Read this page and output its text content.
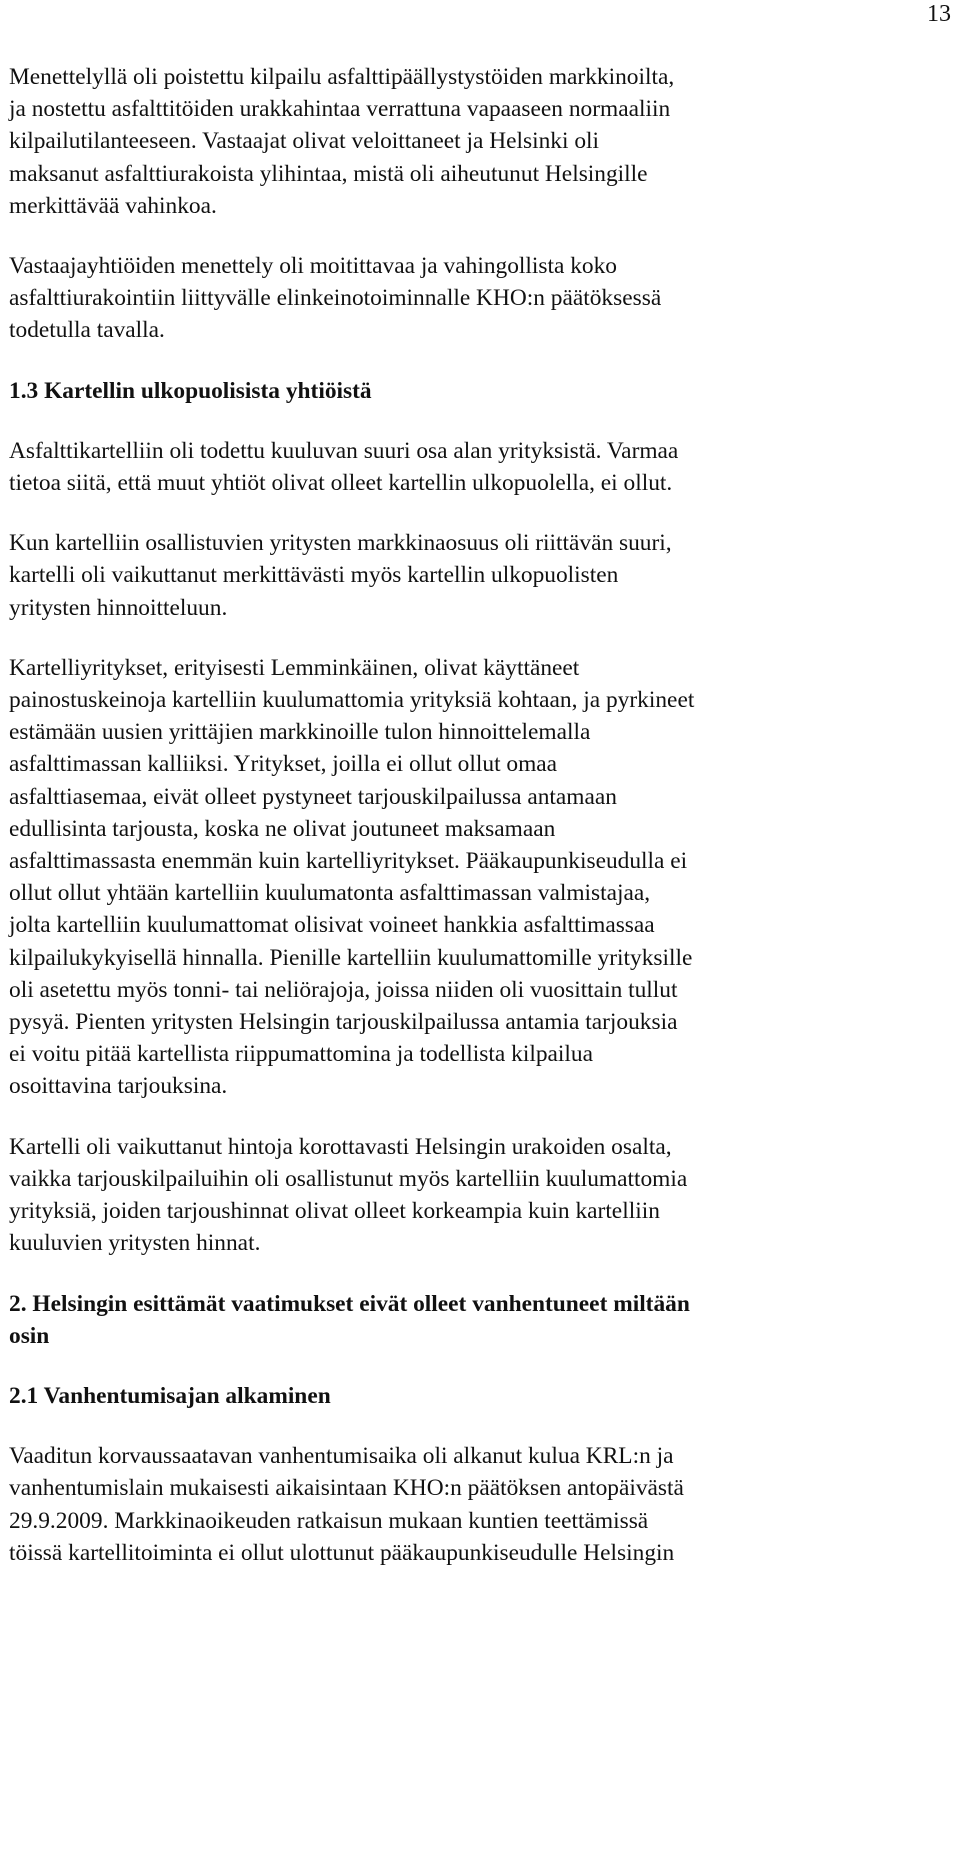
13
Menettelyllä oli poistettu kilpailu asfalttipäällystystöiden markkinoilta,
ja nostettu asfalttitöiden urakkahintaa verrattuna vapaaseen normaaliin
kilpailutilanteeseen. Vastaajat olivat veloittaneet ja Helsinki oli
maksanut asfalttiurakoista ylihintaa, mistä oli aiheutunut Helsingille
merkittävää vahinkoa.
Vastaajayhtiöiden menettely oli moitittavaa ja vahingollista koko
asfalttiurakointiin liittyvälle elinkeinotoiminnalle KHO:n päätöksessä
todetulla tavalla.
1.3 Kartellin ulkopuolisista yhtiöistä
Asfalttikartelliin oli todettu kuuluvan suuri osa alan yrityksistä. Varmaa
tietoa siitä, että muut yhtiöt olivat olleet kartellin ulkopuolella, ei ollut.
Kun kartelliin osallistuvien yritysten markkinaosuus oli riittävän suuri,
kartelli oli vaikuttanut merkittävästi myös kartellin ulkopuolisten
yritysten hinnoitteluun.
Kartelliyritykset, erityisesti Lemminkäinen, olivat käyttäneet
painostuskeinoja kartelliin kuulumattomia yrityksiä kohtaan, ja pyrkineet
estämään uusien yrittäjien markkinoille tulon hinnoittelemalla
asfalttimassan kalliiksi. Yritykset, joilla ei ollut ollut omaa
asfalttiasemaa, eivät olleet pystyneet tarjouskilpailussa antamaan
edullisinta tarjousta, koska ne olivat joutuneet maksamaan
asfalttimassasta enemmän kuin kartelliyritykset. Pääkaupunkiseudulla ei
ollut ollut yhtään kartelliin kuulumatonta asfalttimassan valmistajaa,
jolta kartelliin kuulumattomat olisivat voineet hankkia asfalttimassaa
kilpailukykyisellä hinnalla. Pienille kartelliin kuulumattomille yrityksille
oli asetettu myös tonni- tai neliörajoja, joissa niiden oli vuosittain tullut
pysyä. Pienten yritysten Helsingin tarjouskilpailussa antamia tarjouksia
ei voitu pitää kartellista riippumattomina ja todellista kilpailua
osoittavina tarjouksina.
Kartelli oli vaikuttanut hintoja korottavasti Helsingin urakoiden osalta,
vaikka tarjouskilpailuihin oli osallistunut myös kartelliin kuulumattomia
yrityksiä, joiden tarjoushinnat olivat olleet korkeampia kuin kartelliin
kuuluvien yritysten hinnat.
2. Helsingin esittämät vaatimukset eivät olleet vanhentuneet miltään
osin
2.1 Vanhentumisajan alkaminen
Vaaditun korvaussaatavan vanhentumisaika oli alkanut kulua KRL:n ja
vanhentumislain mukaisesti aikaisintaan KHO:n päätöksen antopäivästä
29.9.2009. Markkinaoikeuden ratkaisun mukaan kuntien teettämissä
töissä kartellitoiminta ei ollut ulottunut pääkaupunkiseudulle Helsingin
